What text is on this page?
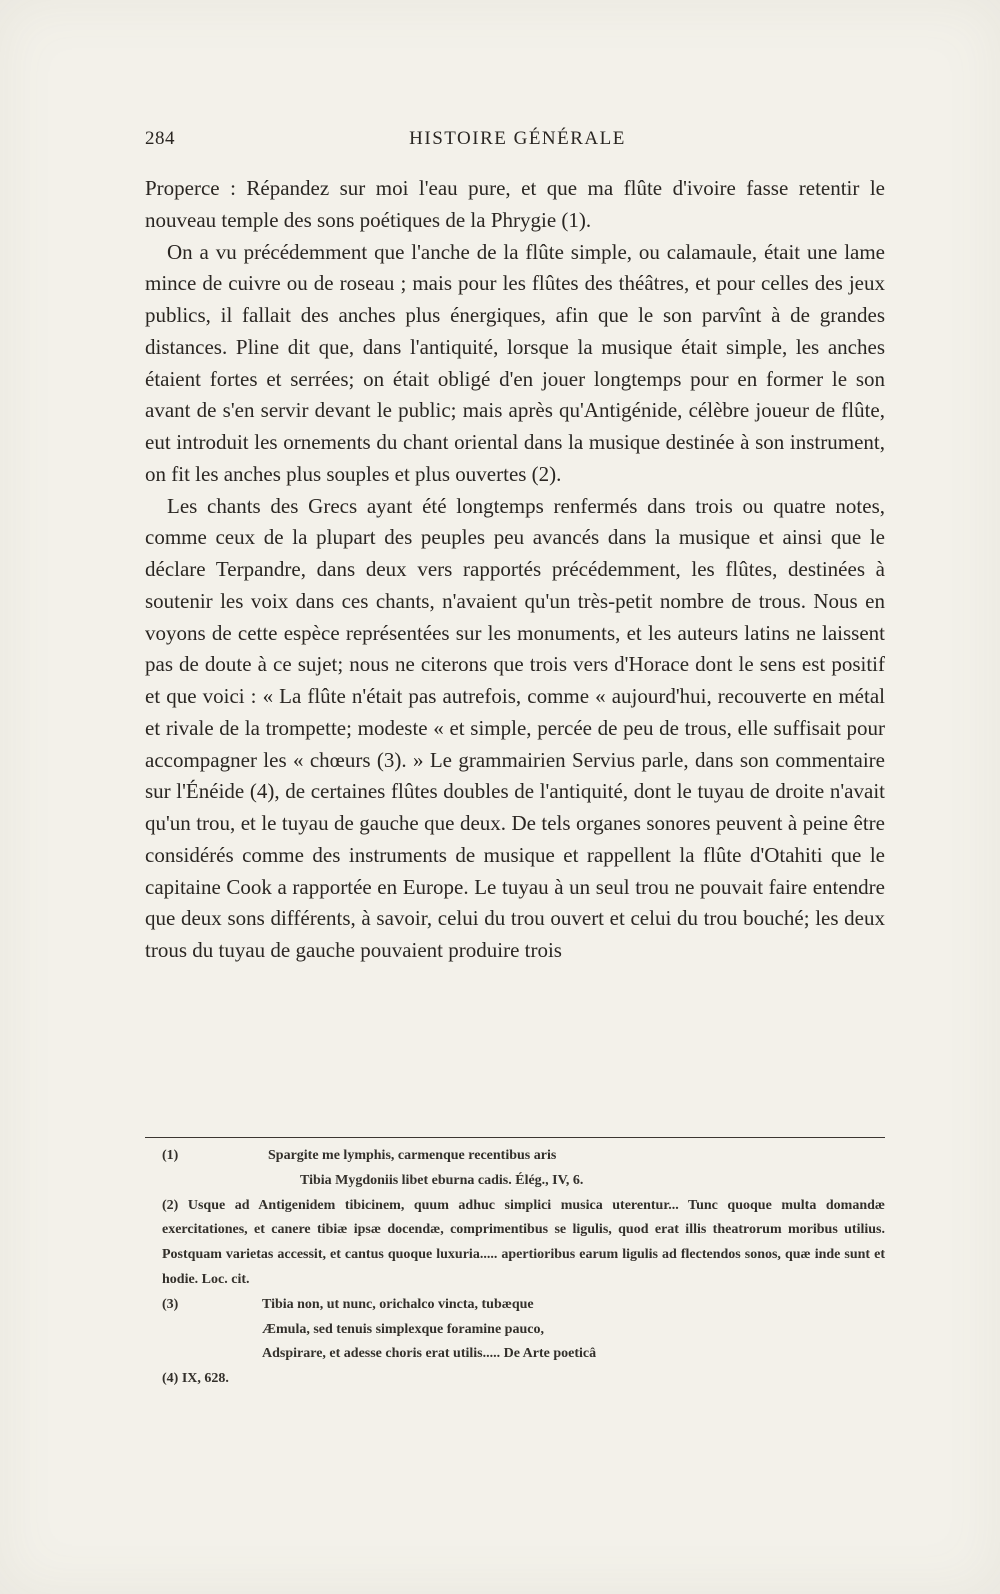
284	HISTOIRE GÉNÉRALE

Properce : Répandez sur moi l'eau pure, et que ma flûte d'ivoire fasse retentir le nouveau temple des sons poétiques de la Phrygie (1).

On a vu précédemment que l'anche de la flûte simple, ou calamaule, était une lame mince de cuivre ou de roseau ; mais pour les flûtes des théâtres, et pour celles des jeux publics, il fallait des anches plus énergiques, afin que le son parvînt à de grandes distances. Pline dit que, dans l'antiquité, lorsque la musique était simple, les anches étaient fortes et serrées; on était obligé d'en jouer longtemps pour en former le son avant de s'en servir devant le public; mais après qu'Antigénide, célèbre joueur de flûte, eut introduit les ornements du chant oriental dans la musique destinée à son instrument, on fit les anches plus souples et plus ouvertes (2).

Les chants des Grecs ayant été longtemps renfermés dans trois ou quatre notes, comme ceux de la plupart des peuples peu avancés dans la musique et ainsi que le déclare Terpandre, dans deux vers rapportés précédemment, les flûtes, destinées à soutenir les voix dans ces chants, n'avaient qu'un très-petit nombre de trous. Nous en voyons de cette espèce représentées sur les monuments, et les auteurs latins ne laissent pas de doute à ce sujet; nous ne citerons que trois vers d'Horace dont le sens est positif et que voici : « La flûte n'était pas autrefois, comme « aujourd'hui, recouverte en métal et rivale de la trompette; modeste « et simple, percée de peu de trous, elle suffisait pour accompagner les « chœurs (3). » Le grammairien Servius parle, dans son commentaire sur l'Énéide (4), de certaines flûtes doubles de l'antiquité, dont le tuyau de droite n'avait qu'un trou, et le tuyau de gauche que deux. De tels organes sonores peuvent à peine être considérés comme des instruments de musique et rappellent la flûte d'Otahiti que le capitaine Cook a rapportée en Europe. Le tuyau à un seul trou ne pouvait faire entendre que deux sons différents, à savoir, celui du trou ouvert et celui du trou bouché; les deux trous du tuyau de gauche pouvaient produire trois

(1)	Spargite me lymphis, carmenque recentibus aris
Tibia Mygdoniis libet eburna cadis. Élég., IV, 6.

(2) Usque ad Antigenidem tibicinem, quum adhuc simplici musica uterentur... Tunc quoque multa domandæ exercitationes, et canere tibiæ ipsæ docendæ, comprimentibus se ligulis, quod erat illis theatrorum moribus utilius. Postquam varietas accessit, et cantus quoque luxuria..... apertioribus earum ligulis ad flectendos sonos, quæ inde sunt et hodie. Loc. cit.

(3)	Tibia non, ut nunc, orichalco vincta, tubæque
Æmula, sed tenuis simplexque foramine pauco,
Adspirare, et adesse choris erat utilis..... De Arte poeticâ

(4) IX, 628.
